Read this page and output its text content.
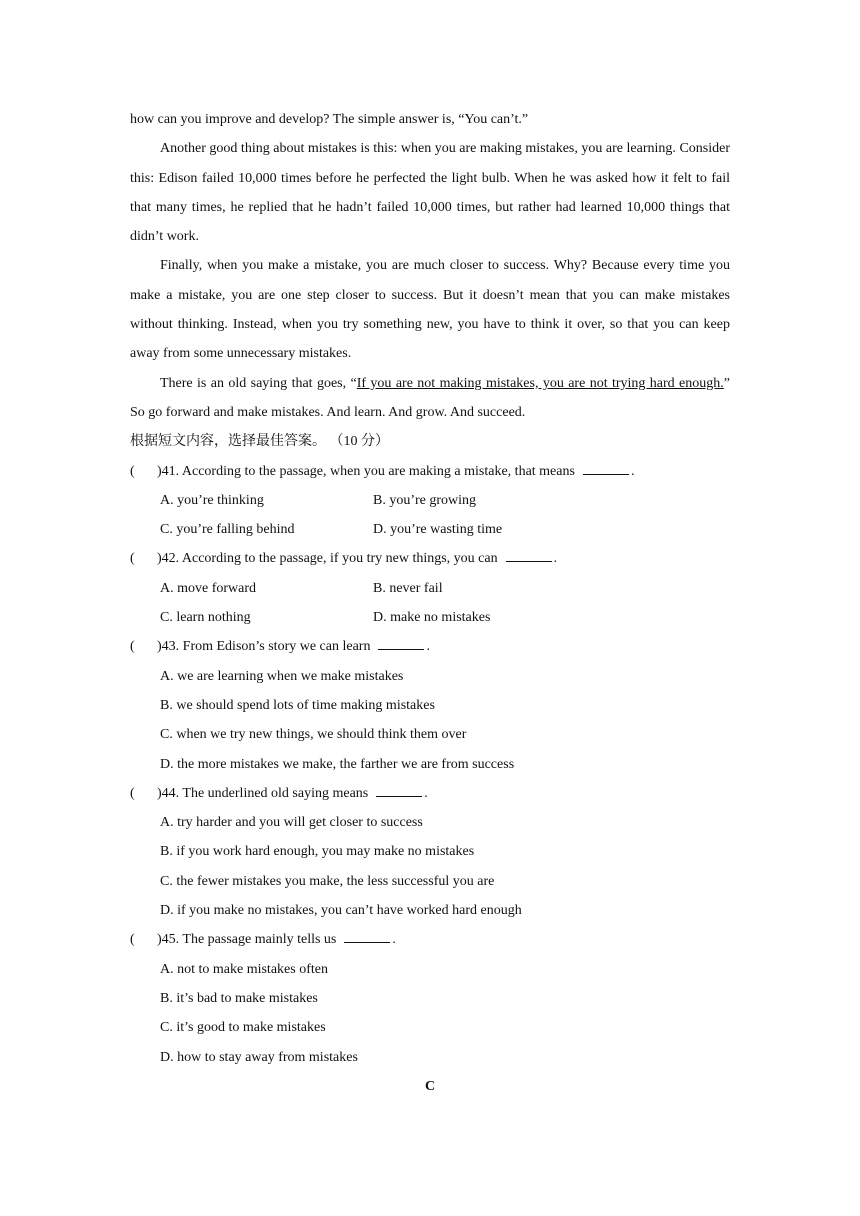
how can you improve and develop? The simple answer is, “You can’t.”

Another good thing about mistakes is this: when you are making mistakes, you are learning. Consider this: Edison failed 10,000 times before he perfected the light bulb. When he was asked how it felt to fail that many times, he replied that he hadn’t failed 10,000 times, but rather had learned 10,000 things that didn’t work.

Finally, when you make a mistake, you are much closer to success. Why? Because every time you make a mistake, you are one step closer to success. But it doesn’t mean that you can make mistakes without thinking. Instead, when you try something new, you have to think it over, so that you can keep away from some unnecessary mistakes.

There is an old saying that goes, “If you are not making mistakes, you are not trying hard enough.” So go forward and make mistakes. And learn. And grow. And succeed.

根据短文内容，选择最佳答案。 （10 分）

( )41. According to the passage, when you are making a mistake, that means	.
A. you’re thinking	B. you’re growing
C. you’re falling behind	D. you’re wasting time
( )42. According to the passage, if you try new things, you can	.
A. move forward	B. never fail
C. learn nothing	D. make no mistakes
( )43. From Edison’s story we can learn	.

A. we are learning when we make mistakes

B. we should spend lots of time making mistakes

C. when we try new things, we should think them over

D. the more mistakes we make, the farther we are from success

( )44. The underlined old saying means	.

A. try harder and you will get closer to success

B. if you work hard enough, you may make no mistakes

C. the fewer mistakes you make, the less successful you are

D. if you make no mistakes, you can’t have worked hard enough

( )45. The passage mainly tells us	.

A. not to make mistakes often

B. it’s bad to make mistakes

C. it’s good to make mistakes

D. how to stay away from mistakes

C
